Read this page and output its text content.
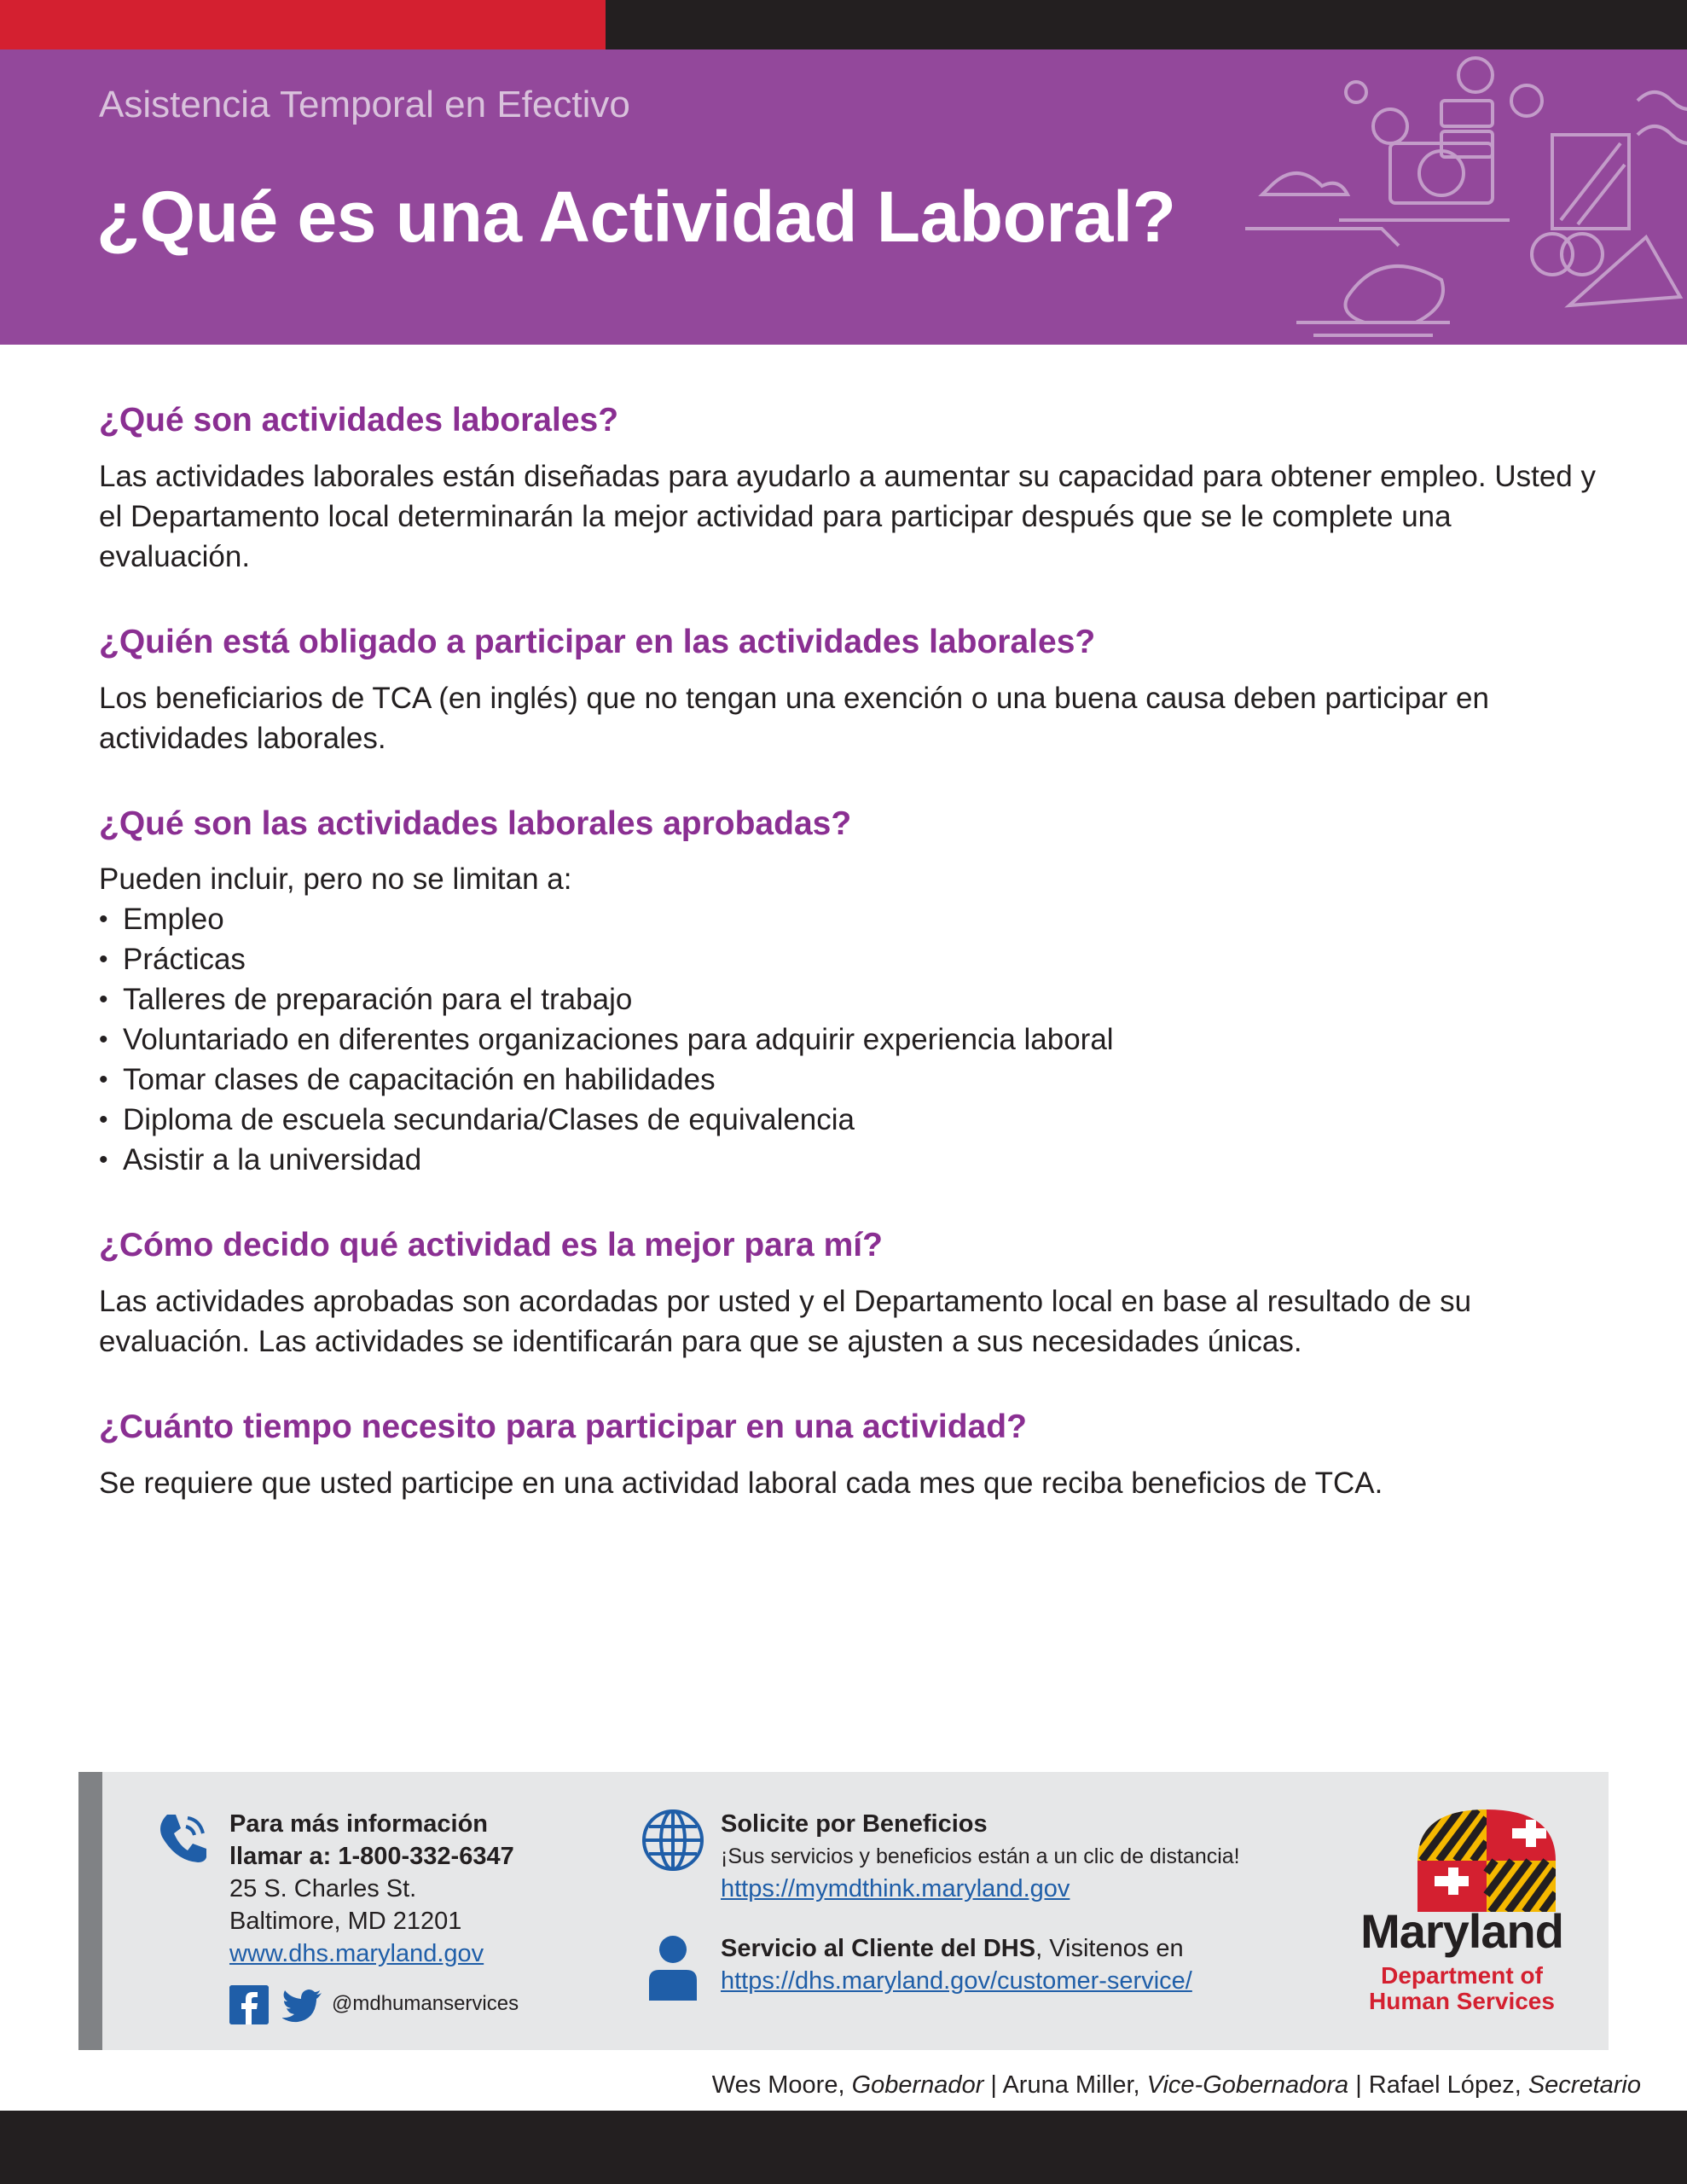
Asistencia Temporal en Efectivo
¿Qué es una Actividad Laboral?
¿Qué son actividades laborales?

Las actividades laborales están diseñadas para ayudarlo a aumentar su capacidad para obtener empleo. Usted y el Departamento local determinarán la mejor actividad para participar después que se le complete una evaluación.

¿Quién está obligado a participar en las actividades laborales?

Los beneficiarios de TCA (en inglés) que no tengan una exención o una buena causa deben participar en actividades laborales.

¿Qué son las actividades laborales aprobadas?

Pueden incluir, pero no se limitan a:

• Empleo
• Prácticas
• Talleres de preparación para el trabajo
• Voluntariado en diferentes organizaciones para adquirir experiencia laboral
• Tomar clases de capacitación en habilidades
• Diploma de escuela secundaria/Clases de equivalencia
• Asistir a la universidad
¿Cómo decido qué actividad es la mejor para mí?

Las actividades aprobadas son acordadas por usted y el Departamento local en base al resultado de su evaluación. Las actividades se identificarán para que se ajusten a sus necesidades únicas.

¿Cuánto tiempo necesito para participar en una actividad?

Se requiere que usted participe en una actividad laboral cada mes que reciba beneficios de TCA.

Para más información
llamar a: 1-800-332-6347
25 S. Charles St.
Baltimore, MD 21201
www.dhs.maryland.gov
@mdhumanservices
Solicite por Beneficios
¡Sus servicios y beneficios están a un clic de distancia!
https://mymdthink.maryland.gov
Servicio al Cliente del DHS, Visitenos en
https://dhs.maryland.gov/customer-service/
Maryland
Department of
Human Services
Wes Moore, Gobernador | Aruna Miller, Vice-Gobernadora | Rafael López, Secretario
